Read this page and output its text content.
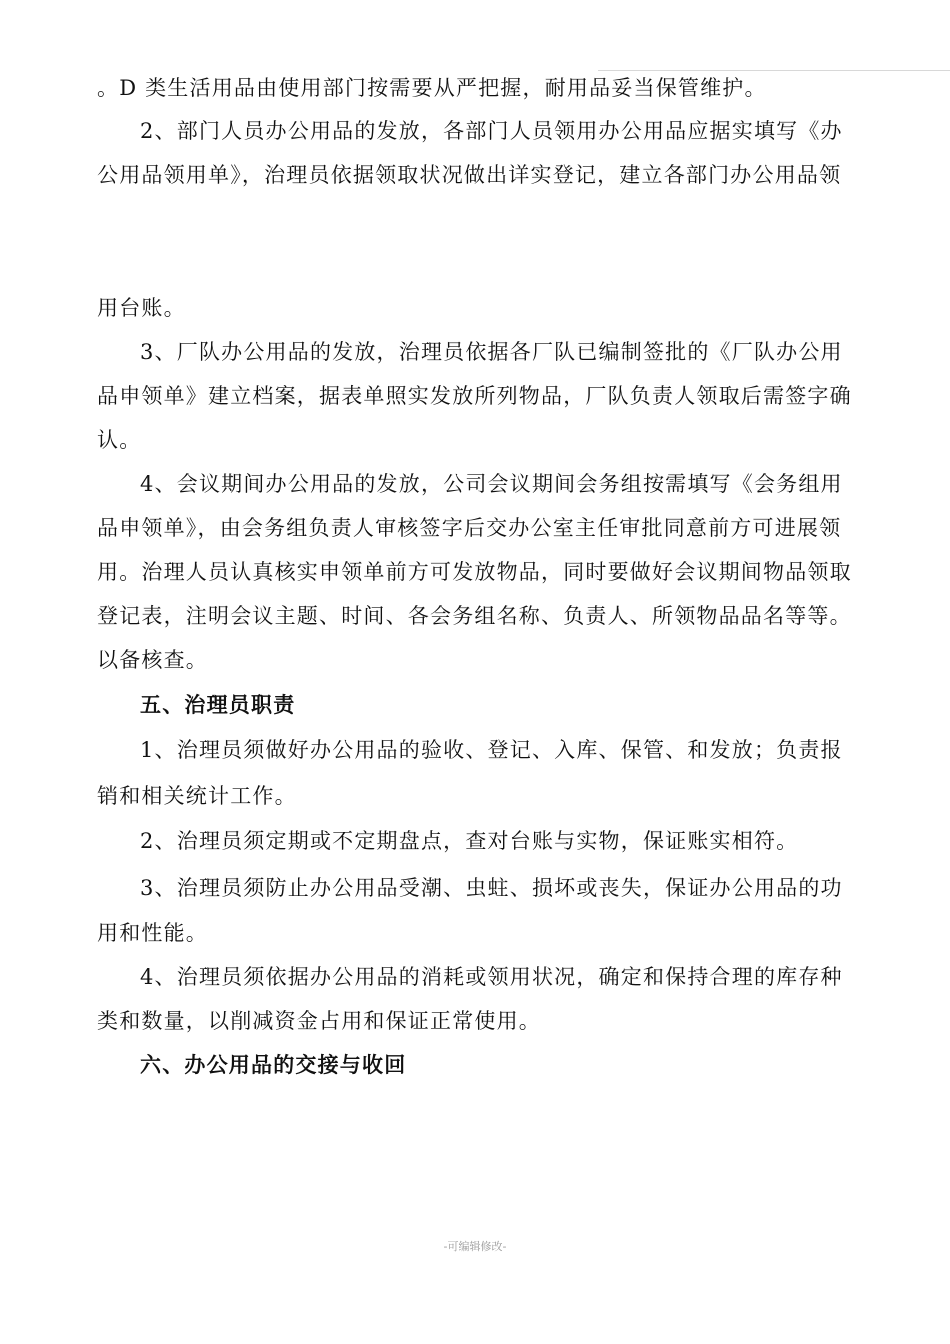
。D 类生活用品由使用部门按需要从严把握，耐用品妥当保管维护。
2、部门人员办公用品的发放，各部门人员领用办公用品应据实填写《办
公用品领用单》，治理员依据领取状况做出详实登记，建立各部门办公用品领
用台账。
3、厂队办公用品的发放，治理员依据各厂队已编制签批的《厂队办公用
品申领单》建立档案，据表单照实发放所列物品，厂队负责人领取后需签字确
认。
4、会议期间办公用品的发放，公司会议期间会务组按需填写《会务组用
品申领单》，由会务组负责人审核签字后交办公室主任审批同意前方可进展领
用。治理人员认真核实申领单前方可发放物品，同时要做好会议期间物品领取
登记表，注明会议主题、时间、各会务组名称、负责人、所领物品品名等等。
以备核查。
五、治理员职责
1、治理员须做好办公用品的验收、登记、入库、保管、和发放；负责报
销和相关统计工作。
2、治理员须定期或不定期盘点，查对台账与实物，保证账实相符。
3、治理员须防止办公用品受潮、虫蛀、损坏或丧失，保证办公用品的功
用和性能。
4、治理员须依据办公用品的消耗或领用状况，确定和保持合理的库存种
类和数量，以削减资金占用和保证正常使用。
六、办公用品的交接与收回
-可编辑修改-
